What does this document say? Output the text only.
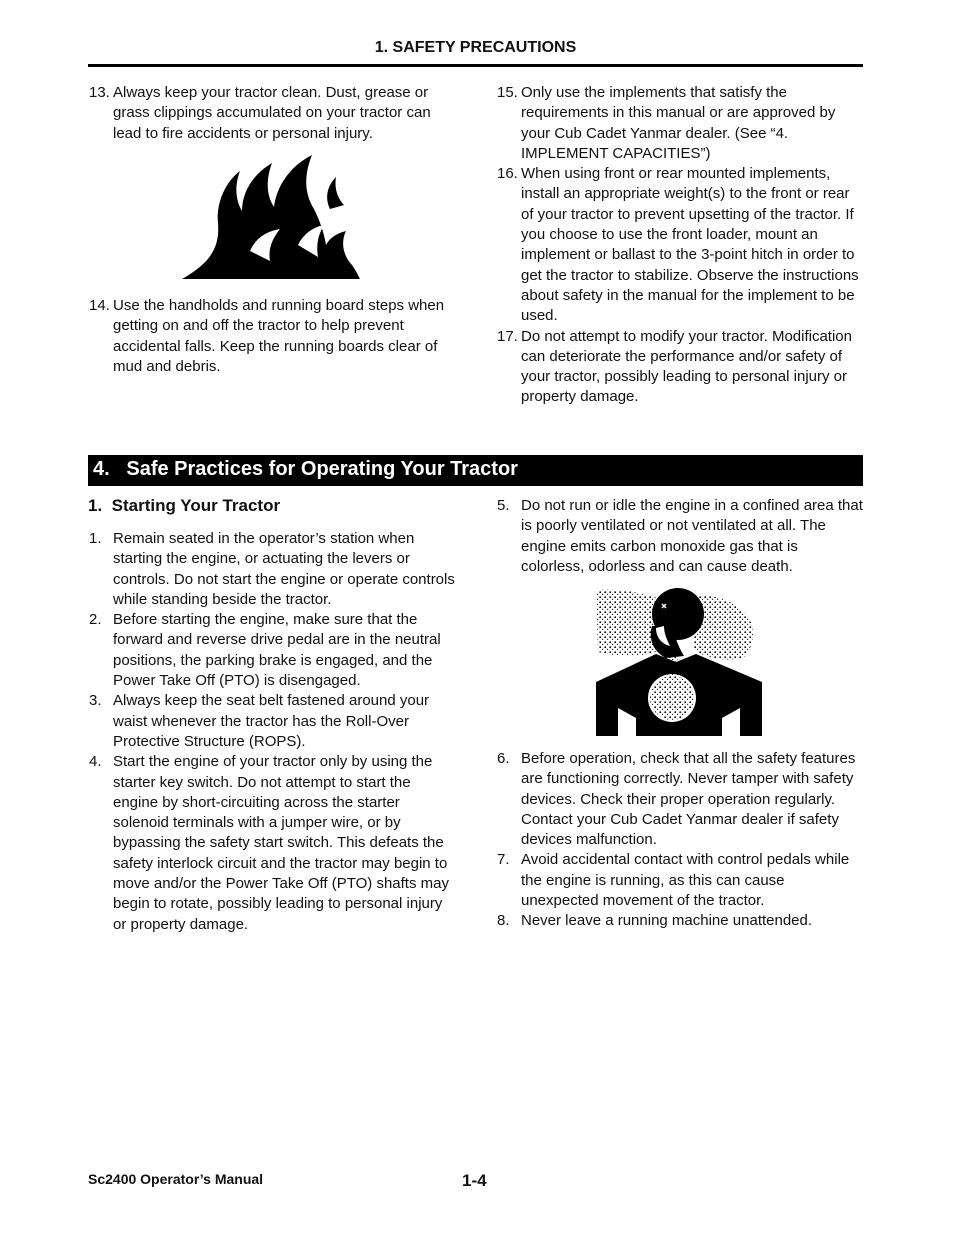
1. SAFETY PRECAUTIONS
13. Always keep your tractor clean. Dust, grease or grass clippings accumulated on your tractor can lead to fire accidents or personal injury.
14. Use the handholds and running board steps when getting on and off the tractor to help prevent accidental falls. Keep the running boards clear of mud and debris.
15. Only use the implements that satisfy the requirements in this manual or are approved by your Cub Cadet Yanmar dealer. (See “4. IMPLEMENT CAPACITIES”)
16. When using front or rear mounted implements, install an appropriate weight(s) to the front or rear of your tractor to prevent upsetting of the tractor. If you choose to use the front loader, mount an implement or ballast to the 3-point hitch in order to get the tractor to stabilize. Observe the instructions about safety in the manual for the implement to be used.
17. Do not attempt to modify your tractor. Modification can deteriorate the performance and/or safety of your tractor, possibly leading to personal injury or property damage.
4.   Safe Practices for Operating Your Tractor
1.  Starting Your Tractor
1. Remain seated in the operator’s station when starting the engine, or actuating the levers or controls. Do not start the engine or operate controls while standing beside the tractor.
2. Before starting the engine, make sure that the forward and reverse drive pedal are in the neutral positions, the parking brake is engaged, and the Power Take Off (PTO) is disengaged.
3. Always keep the seat belt fastened around your waist whenever the tractor has the Roll-Over Protective Structure (ROPS).
4. Start the engine of your tractor only by using the starter key switch. Do not attempt to start the engine by short-circuiting across the starter solenoid terminals with a jumper wire, or by bypassing the safety start switch. This defeats the safety interlock circuit and the tractor may begin to move and/or the Power Take Off (PTO) shafts may begin to rotate, possibly leading to personal injury or property damage.
5. Do not run or idle the engine in a confined area that is poorly ventilated or not ventilated at all. The engine emits carbon monoxide gas that is colorless, odorless and can cause death.
6. Before operation, check that all the safety features are functioning correctly. Never tamper with safety devices. Check their proper operation regularly. Contact your Cub Cadet Yanmar dealer if safety devices malfunction.
7. Avoid accidental contact with control pedals while the engine is running, as this can cause unexpected movement of the tractor.
8. Never leave a running machine unattended.
Sc2400 Operator’s Manual	1-4
